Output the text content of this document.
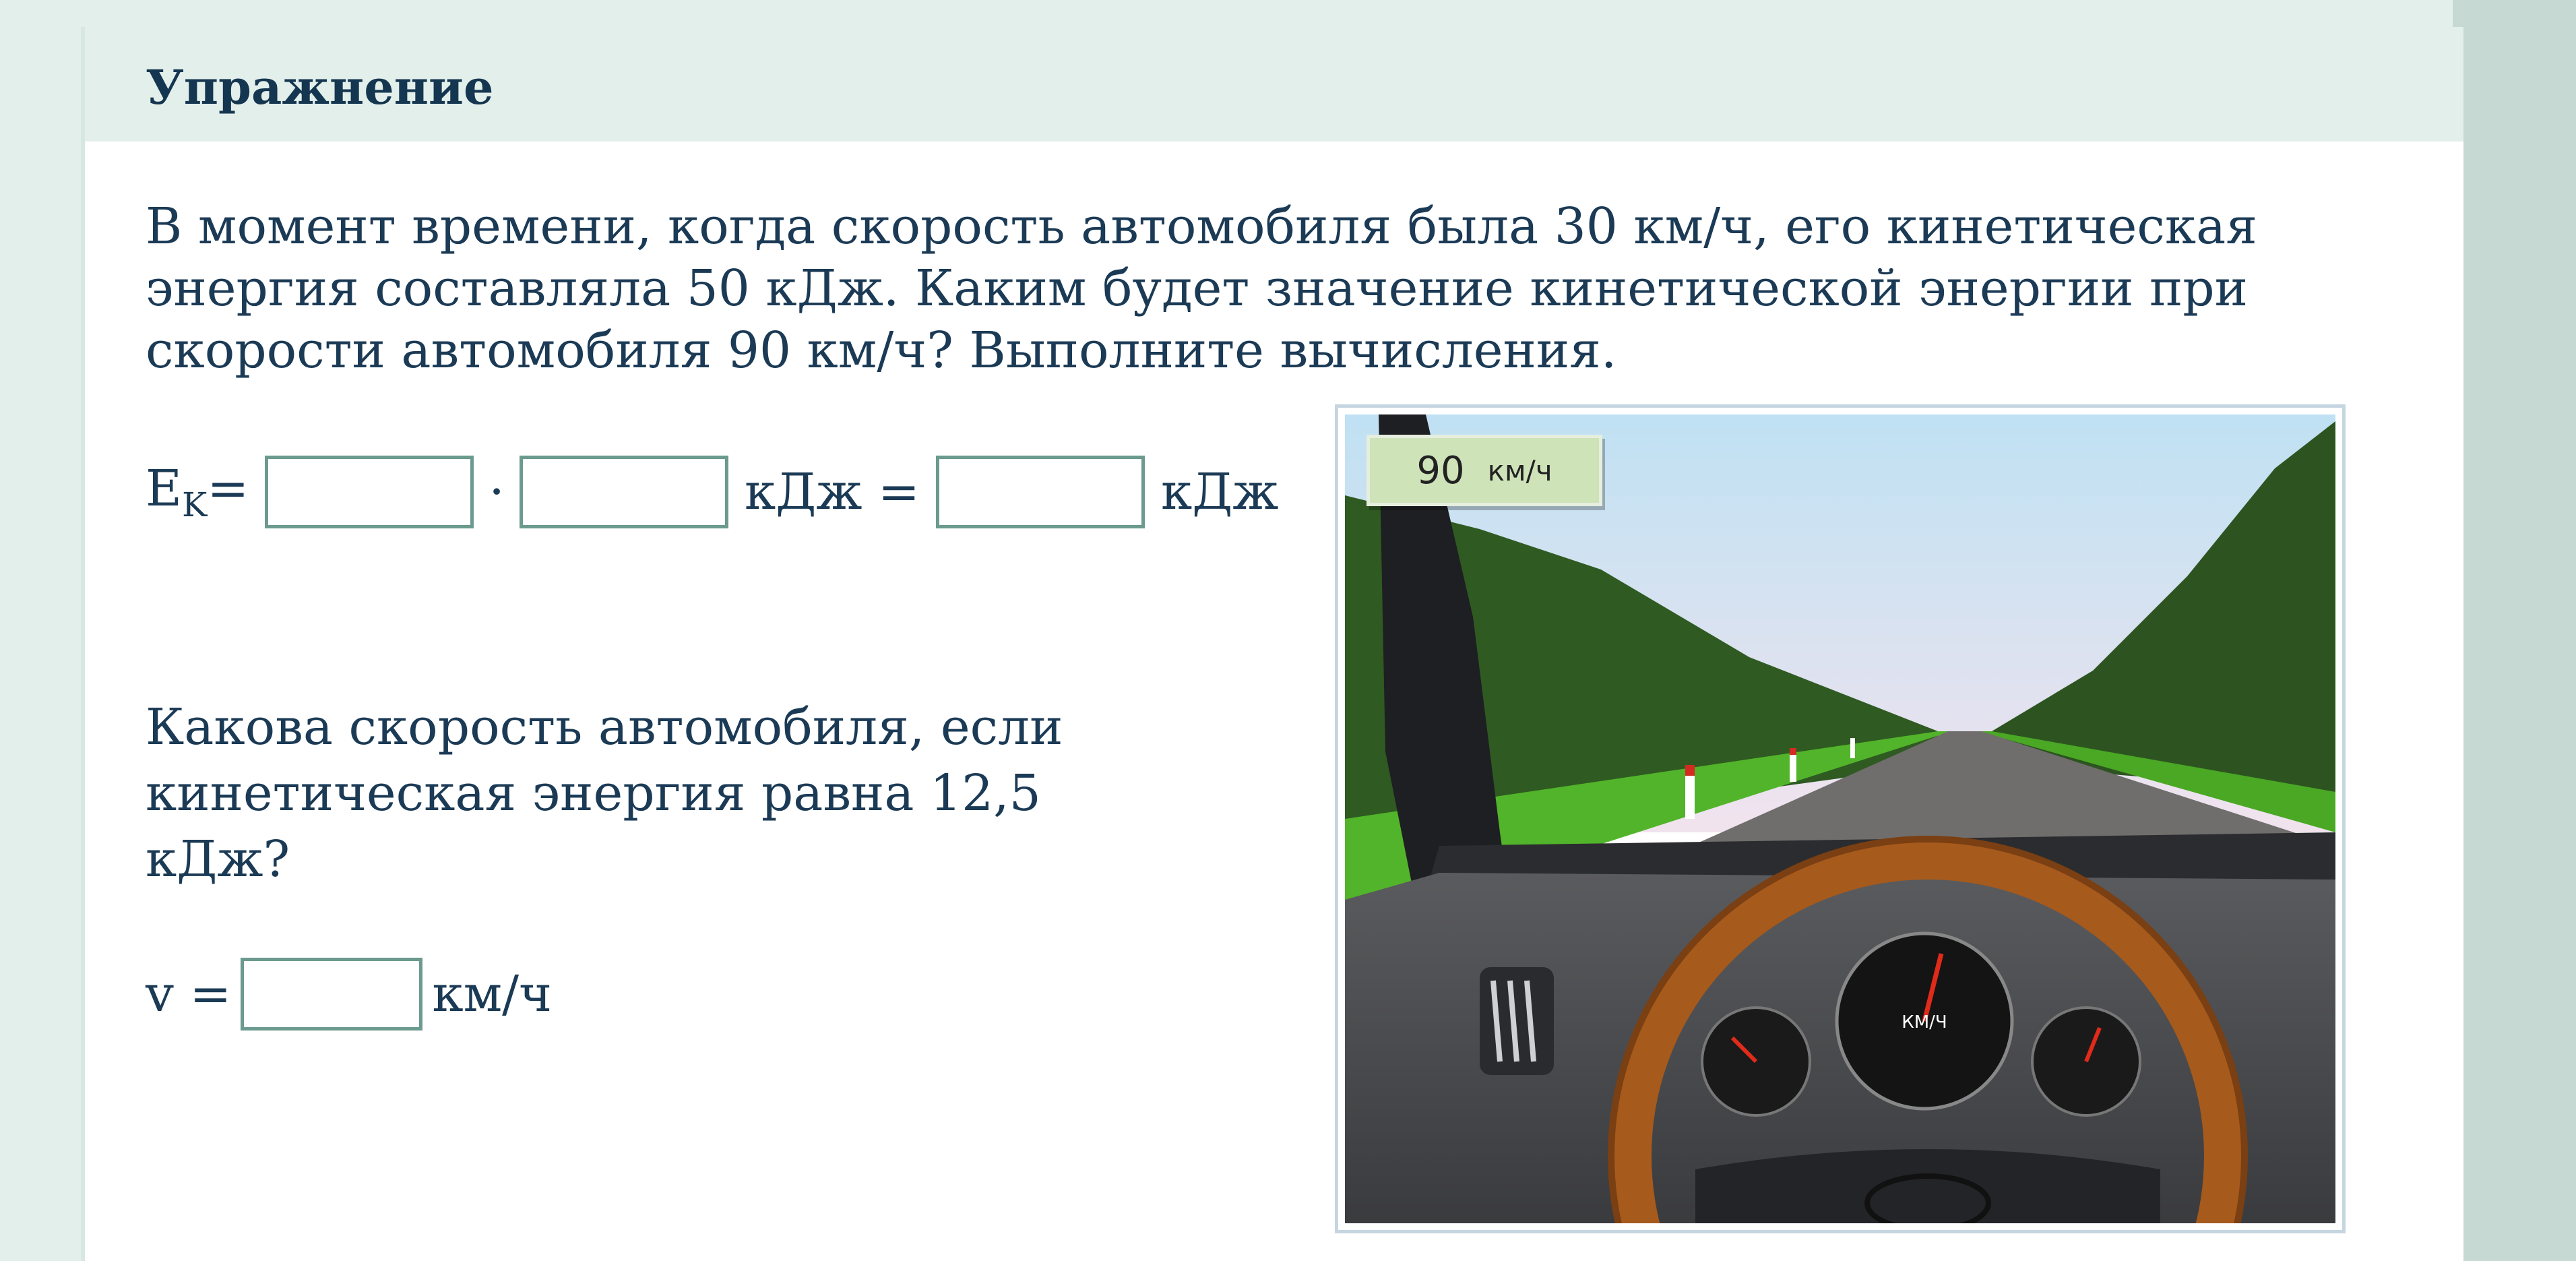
Упражнение
В момент времени, когда скорость автомобиля была 30 км/ч, его кинетическая энергия составляла 50 кДж. Каким будет значение кинетической энергии при скорости автомобиля 90 км/ч? Выполните вычисления.
$E_K=$	·	кДж =	кДж
Какова скорость автомобиля, если кинетическая энергия равна 12,5 кДж?
v =	км/ч	КМ/Ч
90 км/ч
